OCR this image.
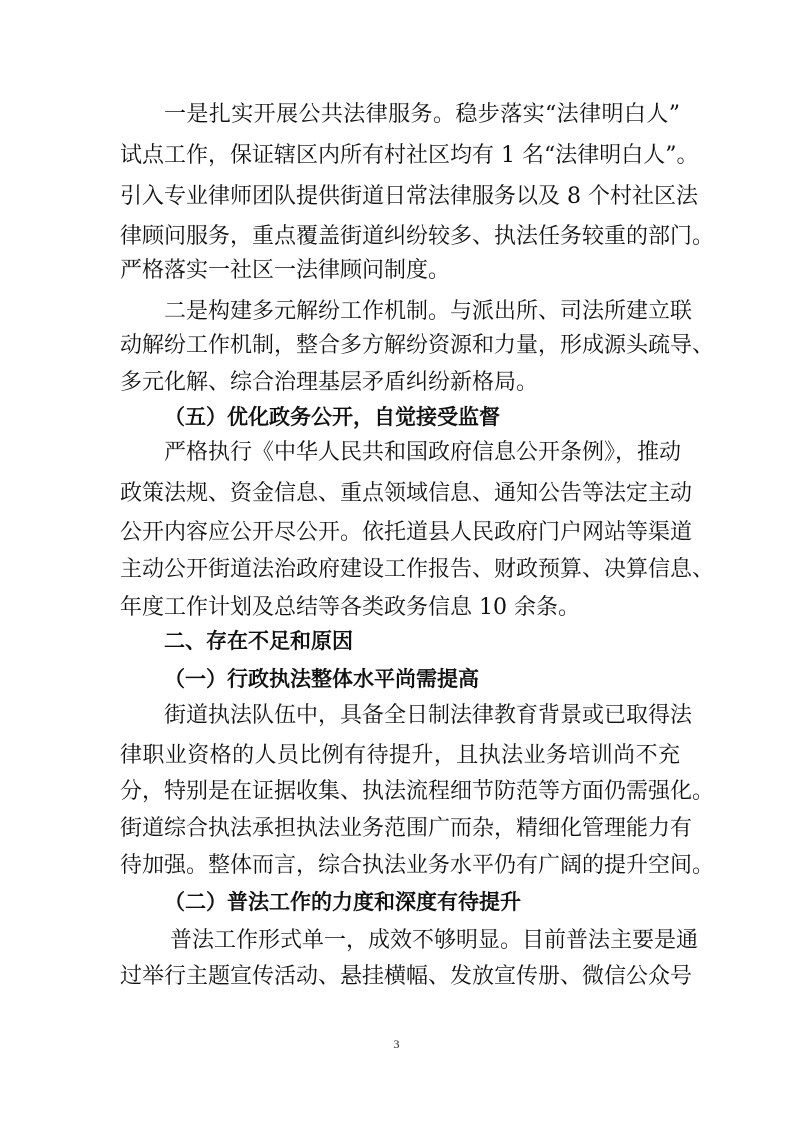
一是扎实开展公共法律服务。稳步落实“法律明白人”

试点工作，保证辖区内所有村社区均有 1 名“法律明白人”。

引入专业律师团队提供街道日常法律服务以及 8 个村社区法

律顾问服务，重点覆盖街道纠纷较多、执法任务较重的部门。

严格落实一社区一法律顾问制度。

二是构建多元解纷工作机制。与派出所、司法所建立联

动解纷工作机制，整合多方解纷资源和力量，形成源头疏导、

多元化解、综合治理基层矛盾纠纷新格局。

（五）优化政务公开，自觉接受监督

严格执行《中华人民共和国政府信息公开条例》，推动

政策法规、资金信息、重点领域信息、通知公告等法定主动

公开内容应公开尽公开。依托道县人民政府门户网站等渠道

主动公开街道法治政府建设工作报告、财政预算、决算信息、

年度工作计划及总结等各类政务信息 10 余条。

二、存在不足和原因

（一）行政执法整体水平尚需提高

街道执法队伍中，具备全日制法律教育背景或已取得法

律职业资格的人员比例有待提升，且执法业务培训尚不充

分，特别是在证据收集、执法流程细节防范等方面仍需强化。

街道综合执法承担执法业务范围广而杂，精细化管理能力有

待加强。整体而言，综合执法业务水平仍有广阔的提升空间。

（二）普法工作的力度和深度有待提升

普法工作形式单一，成效不够明显。目前普法主要是通

过举行主题宣传活动、悬挂横幅、发放宣传册、微信公众号

3
